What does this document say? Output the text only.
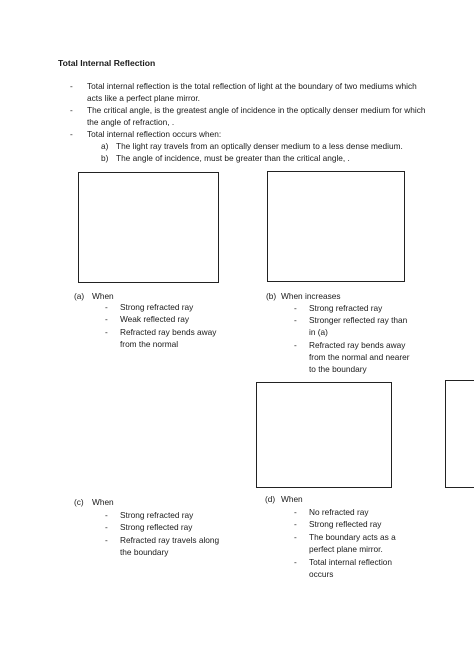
Total Internal Reflection
-	Total internal reflection is the total reflection of light at the boundary of two mediums which
acts like a perfect plane mirror.
-	The critical angle, is the greatest angle of incidence in the optically denser medium for which
the angle of refraction, .
-	Total internal reflection occurs when:
a) The light ray travels from an optically denser medium to a less dense medium.
b) The angle of incidence, must be greater than the critical angle, .
(a) When
- Strong refracted ray
- Weak reflected ray
- Refracted ray bends away
from the normal
(b) When increases
- Strong refracted ray
- Stronger reflected ray than
in (a)
- Refracted ray bends away
from the normal and nearer
to the boundary
(c) When
- Strong refracted ray
- Strong reflected ray
- Refracted ray travels along
the boundary
(d) When
- No refracted ray
- Strong reflected ray
- The boundary acts as a
perfect plane mirror.
- Total internal reflection
occurs
